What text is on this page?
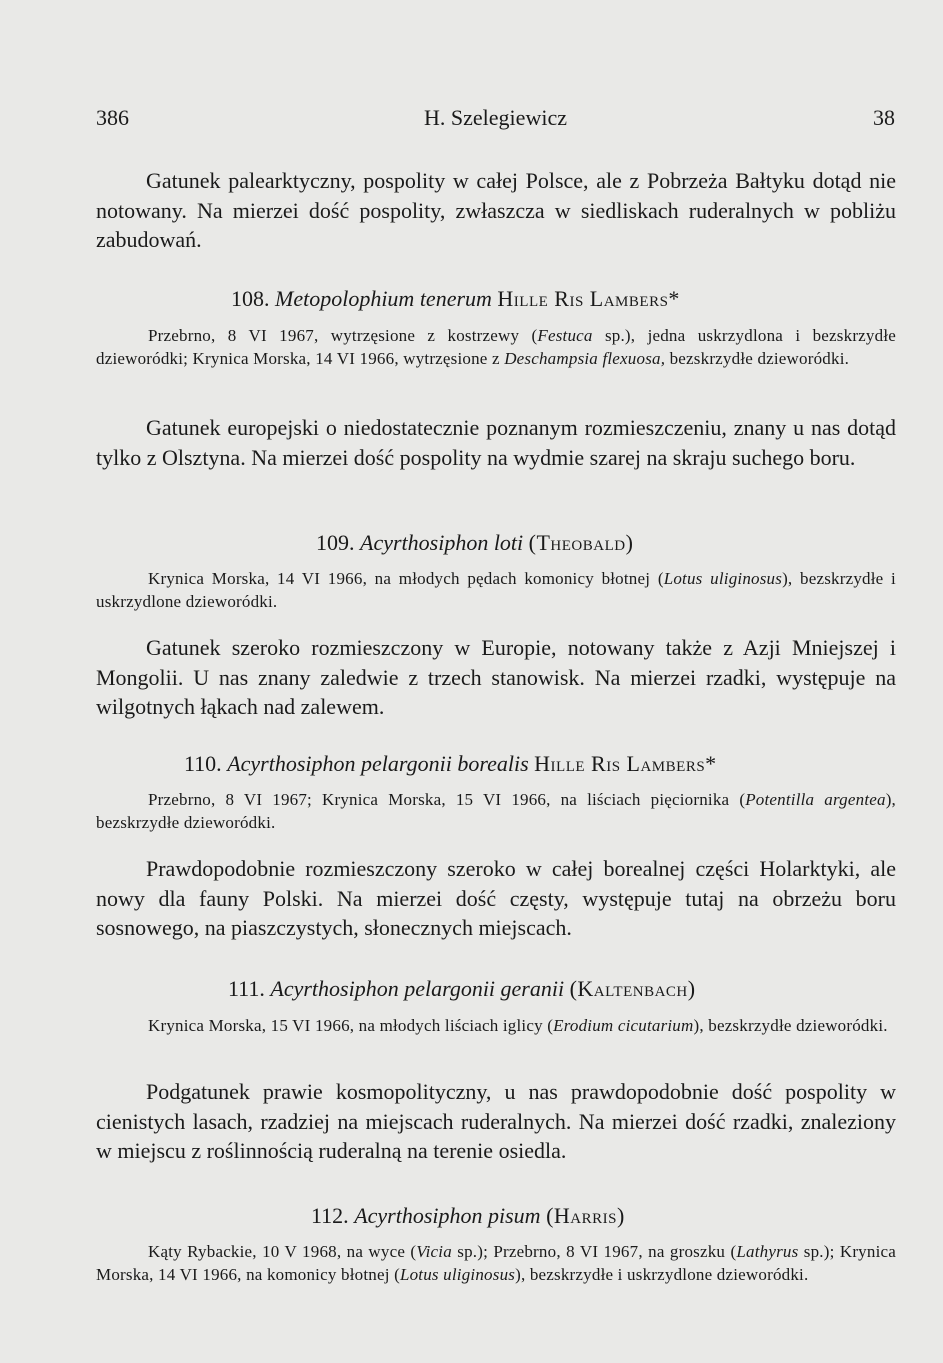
386	H. Szelegiewicz	38

Gatunek palearktyczny, pospolity w całej Polsce, ale z Pobrzeża Bałtyku dotąd nie notowany. Na mierzei dość pospolity, zwłaszcza w siedliskach ruderalnych w pobliżu zabudowań.

108. Metopolophium tenerum Hille Ris Lambers*

Przebrno, 8 VI 1967, wytrzęsione z kostrzewy (Festuca sp.), jedna uskrzydlona i bezskrzydłe dzieworódki; Krynica Morska, 14 VI 1966, wytrzęsione z Deschampsia flexuosa, bezskrzydłe dzieworódki.

Gatunek europejski o niedostatecznie poznanym rozmieszczeniu, znany u nas dotąd tylko z Olsztyna. Na mierzei dość pospolity na wydmie szarej na skraju suchego boru.

109. Acyrthosiphon loti (Theobald)

Krynica Morska, 14 VI 1966, na młodych pędach komonicy błotnej (Lotus uliginosus), bezskrzydłe i uskrzydlone dzieworódki.

Gatunek szeroko rozmieszczony w Europie, notowany także z Azji Mniejszej i Mongolii. U nas znany zaledwie z trzech stanowisk. Na mierzei rzadki, występuje na wilgotnych łąkach nad zalewem.

110. Acyrthosiphon pelargonii borealis Hille Ris Lambers*

Przebrno, 8 VI 1967; Krynica Morska, 15 VI 1966, na liściach pięciornika (Potentilla argentea), bezskrzydłe dzieworódki.

Prawdopodobnie rozmieszczony szeroko w całej borealnej części Holarktyki, ale nowy dla fauny Polski. Na mierzei dość częsty, występuje tutaj na obrzeżu boru sosnowego, na piaszczystych, słonecznych miejscach.

111. Acyrthosiphon pelargonii geranii (Kaltenbach)

Krynica Morska, 15 VI 1966, na młodych liściach iglicy (Erodium cicutarium), bezskrzydłe dzieworódki.

Podgatunek prawie kosmopolityczny, u nas prawdopodobnie dość pospolity w cienistych lasach, rzadziej na miejscach ruderalnych. Na mierzei dość rzadki, znaleziony w miejscu z roślinnością ruderalną na terenie osiedla.

112. Acyrthosiphon pisum (Harris)

Kąty Rybackie, 10 V 1968, na wyce (Vicia sp.); Przebrno, 8 VI 1967, na groszku (Lathyrus sp.); Krynica Morska, 14 VI 1966, na komonicy błotnej (Lotus uliginosus), bezskrzydłe i uskrzydlone dzieworódki.
